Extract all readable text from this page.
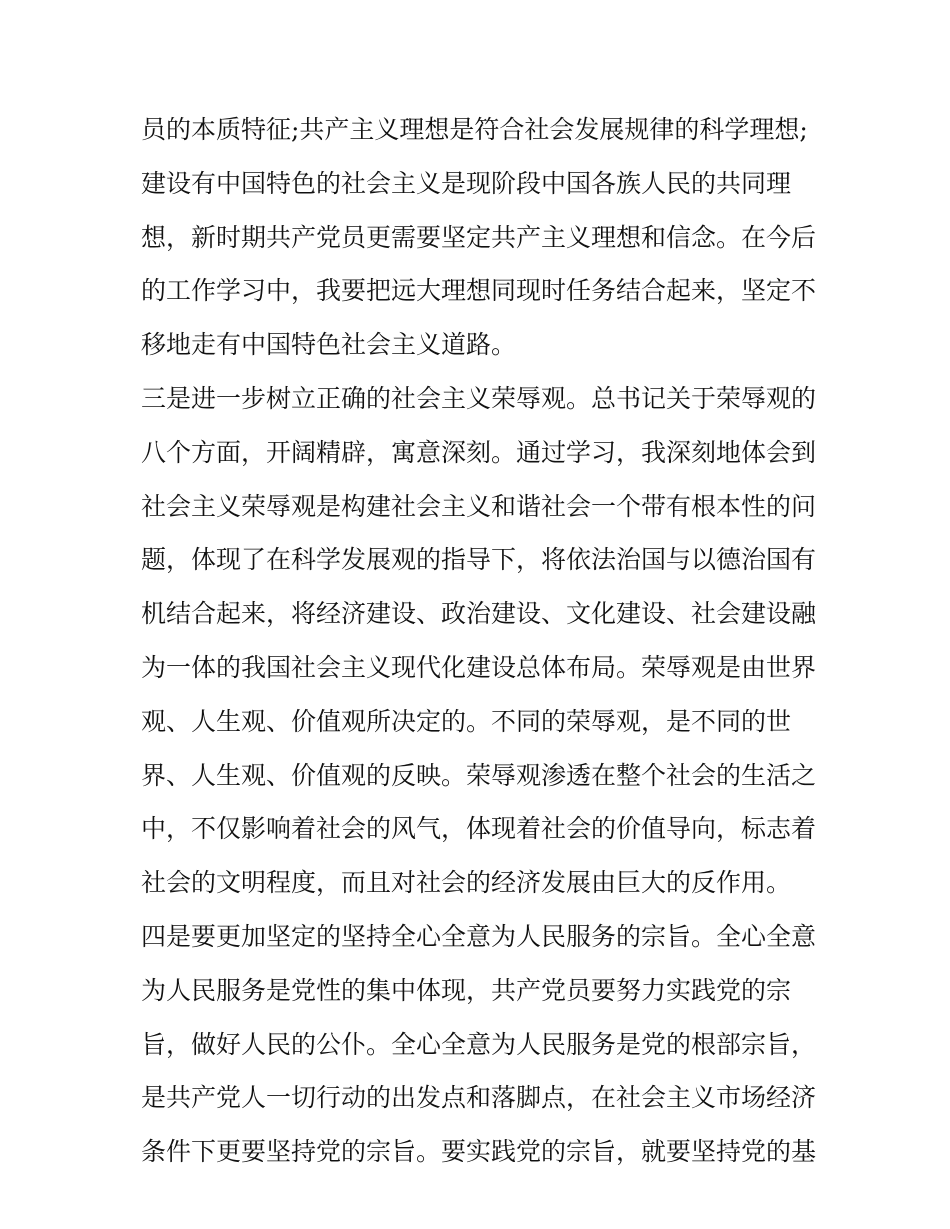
员的本质特征;共产主义理想是符合社会发展规律的科学理想;
建设有中国特色的社会主义是现阶段中国各族人民的共同理
想，新时期共产党员更需要坚定共产主义理想和信念。在今后
的工作学习中，我要把远大理想同现时任务结合起来，坚定不
移地走有中国特色社会主义道路。
三是进一步树立正确的社会主义荣辱观。总书记关于荣辱观的
八个方面，开阔精辟，寓意深刻。通过学习，我深刻地体会到
社会主义荣辱观是构建社会主义和谐社会一个带有根本性的问
题，体现了在科学发展观的指导下，将依法治国与以德治国有
机结合起来，将经济建设、政治建设、文化建设、社会建设融
为一体的我国社会主义现代化建设总体布局。荣辱观是由世界
观、人生观、价值观所决定的。不同的荣辱观，是不同的世
界、人生观、价值观的反映。荣辱观渗透在整个社会的生活之
中，不仅影响着社会的风气，体现着社会的价值导向，标志着
社会的文明程度，而且对社会的经济发展由巨大的反作用。
四是要更加坚定的坚持全心全意为人民服务的宗旨。全心全意
为人民服务是党性的集中体现，共产党员要努力实践党的宗
旨，做好人民的公仆。全心全意为人民服务是党的根部宗旨，
是共产党人一切行动的出发点和落脚点，在社会主义市场经济
条件下更要坚持党的宗旨。要实践党的宗旨，就要坚持党的基
